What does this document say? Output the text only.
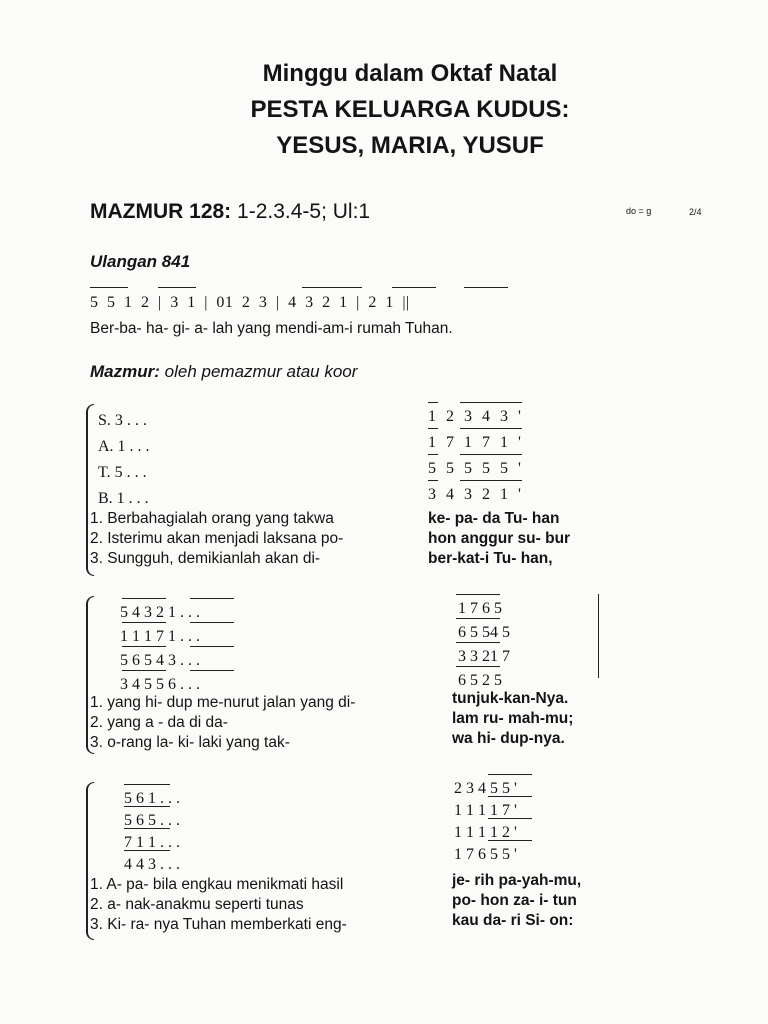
Minggu dalam Oktaf Natal
PESTA KELUARGA KUDUS:
YESUS, MARIA, YUSUF
MAZMUR 128: 1-2.3.4-5; Ul:1	do = g	2/4
Ulangan 841
5 5 1 2 | 3 1 | 01 2 3 | 4 3 2 1 | 2 1 ||
Ber-ba- ha- gi- a- lah yang mendi-am-i rumah Tuhan.
Mazmur: oleh pemazmur atau koor
S. 3 . . .
A. 1 . . .
T. 5 . . .
B. 1 . . .
1 2 3 4 3 '
1 7 1 7 1 '
5 5 5 5 5 '
3 4 3 2 1 '
1. Berbahagialah orang yang takwa	ke- pa- da Tu- han
2. Isterimu akan menjadi laksana po-	hon anggur su- bur
3. Sungguh, demikianlah akan di-	ber-kat-i Tu- han,
5 4 3 2 1 . . .
1 1 1 7 1 . . .
5 6 5 4 3 . . .
3 4 5 5 6 . . .
1 7 6 5
6 5 54 5
3 3 21 7
6 5 2 5
1. yang hi- dup me-nurut jalan yang di-	tunjuk-kan-Nya.
2. yang a - da di da-	lam ru- mah-mu;
3. o-rang la- ki- laki yang tak-	wa hi- dup-nya.
5 6 1 . . .
5 6 5 . . .
7 1 1 . . .
4 4 3 . . .
2 3 4 5 5 '
1 1 1 1 7 '
1 1 1 1 2 '
1 7 6 5 5 '
1. A- pa- bila engkau menikmati hasil	je- rih pa-yah-mu,
2. a- nak-anakmu seperti tunas	po- hon za- i- tun
3. Ki- ra- nya Tuhan memberkati eng-	kau da- ri Si- on:
